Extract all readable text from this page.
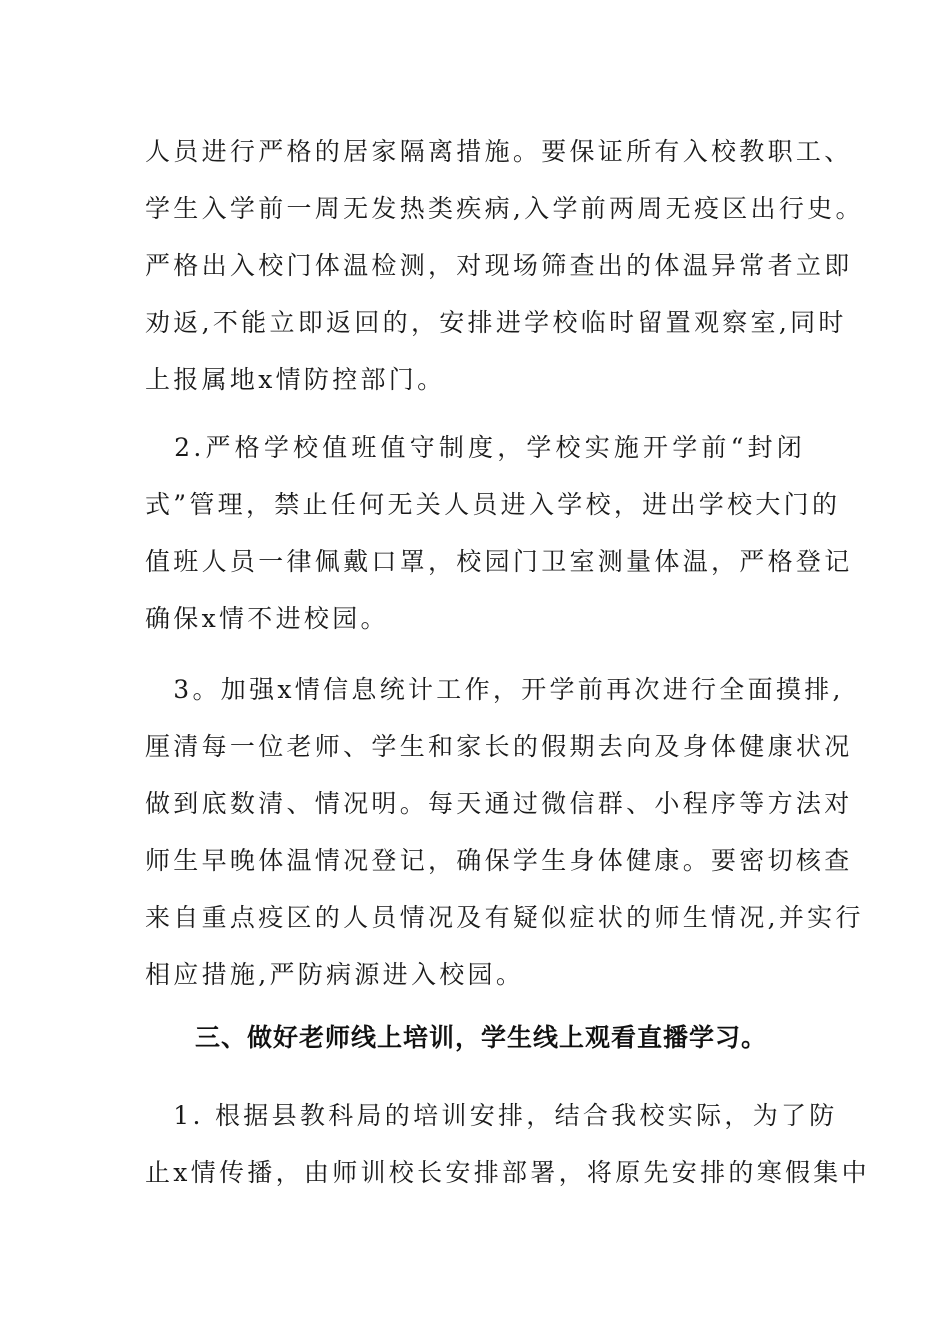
人员进行严格的居家隔离措施。要保证所有入校教职工、
学生入学前一周无发热类疾病,入学前两周无疫区出行史。
严格出入校门体温检测，对现场筛查出的体温异常者立即
劝返,不能立即返回的，安排进学校临时留置观察室,同时
上报属地x情防控部门。
　2.严格学校值班值守制度，学校实施开学前“封闭
式”管理，禁止任何无关人员进入学校，进出学校大门的
值班人员一律佩戴口罩，校园门卫室测量体温，严格登记
确保x情不进校园。
　3。加强x情信息统计工作，开学前再次进行全面摸排,
厘清每一位老师、学生和家长的假期去向及身体健康状况
做到底数清、情况明。每天通过微信群、小程序等方法对
师生早晚体温情况登记，确保学生身体健康。要密切核查
来自重点疫区的人员情况及有疑似症状的师生情况,并实行
相应措施,严防病源进入校园。
三、做好老师线上培训，学生线上观看直播学习。
　1. 根据县教科局的培训安排，结合我校实际，为了防
止x情传播，由师训校长安排部署，将原先安排的寒假集中
